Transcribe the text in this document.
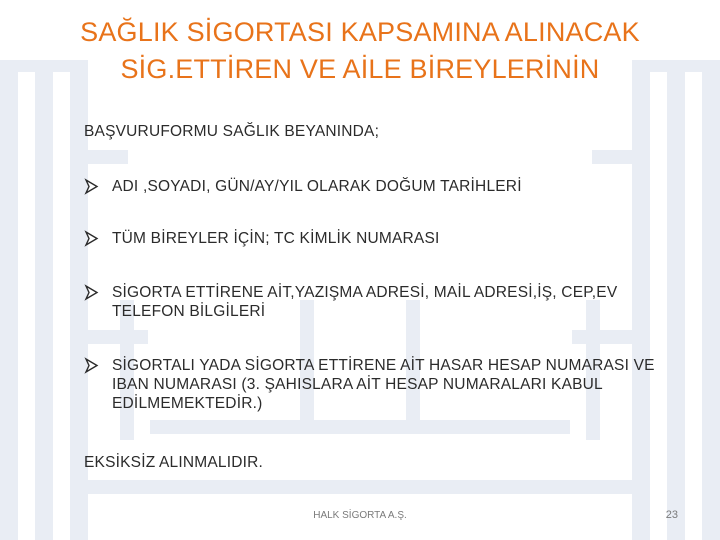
SAĞLIK SİGORTASI KAPSAMINA ALINACAK
SİG.ETTİREN VE AİLE BİREYLERİNİN
BAŞVURUFORMU SAĞLIK BEYANINDA;
ADI ,SOYADI, GÜN/AY/YIL OLARAK DOĞUM TARİHLERİ
TÜM BİREYLER İÇİN; TC KİMLİK NUMARASI
SİGORTA ETTİRENE AİT,YAZIŞMA ADRESİ, MAİL ADRESİ,İŞ, CEP,EV TELEFON BİLGİLERİ
SİGORTALI YADA SİGORTA ETTİRENE AİT HASAR HESAP NUMARASI VE IBAN NUMARASI (3. ŞAHISLARA AİT HESAP NUMARALARI KABUL EDİLMEMEKTEDİR.)
EKSİKSİZ ALINMALIDIR.
HALK SİGORTA A.Ş.	23
